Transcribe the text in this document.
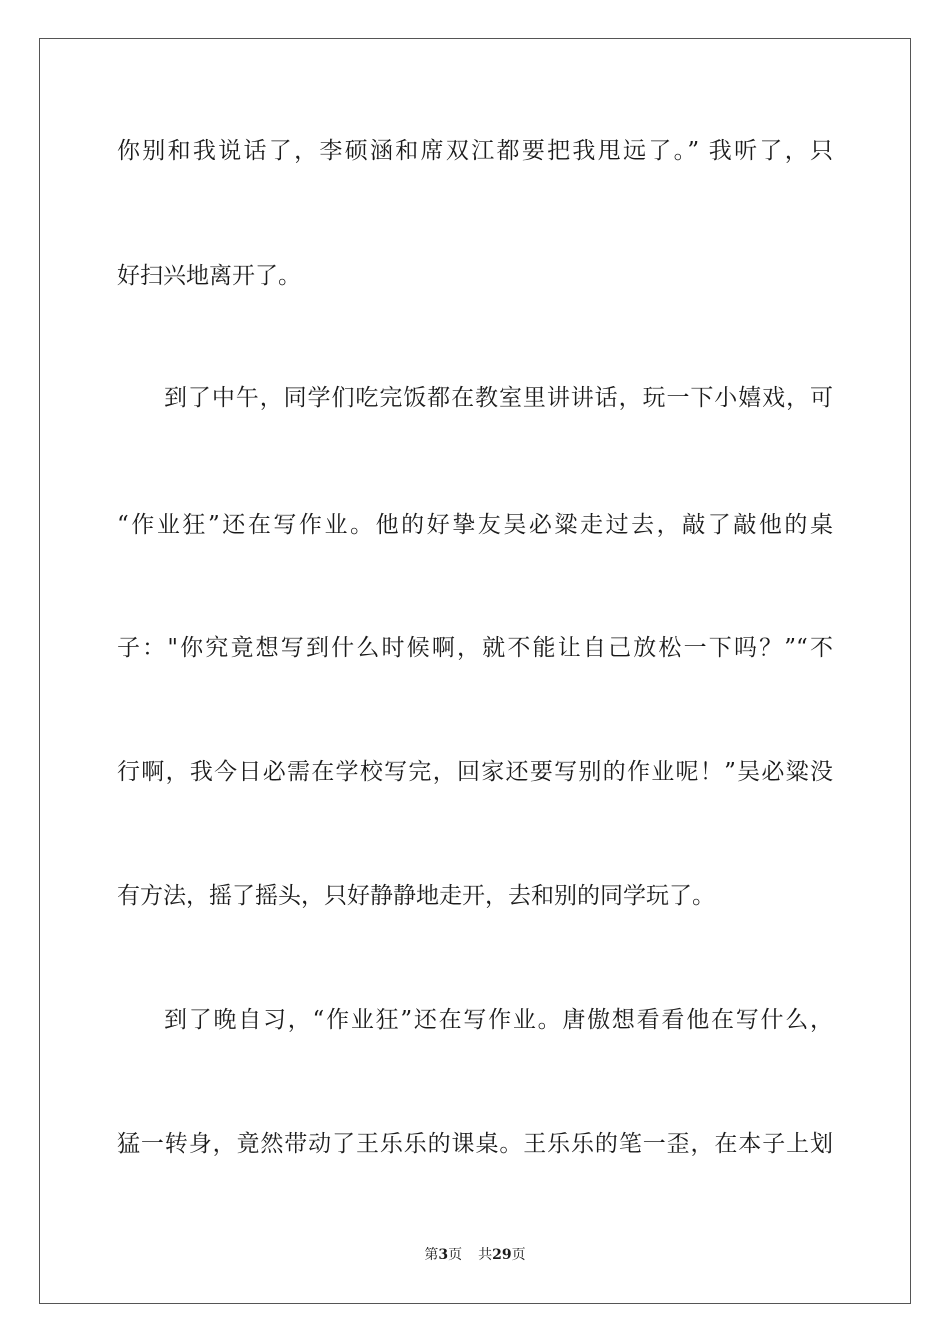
你别和我说话了，李硕涵和席双江都要把我甩远了。” 我听了，只
好扫兴地离开了。
到了中午，同学们吃完饭都在教室里讲讲话，玩一下小嬉戏，可
“作业狂”还在写作业。他的好挚友吴必粱走过去，敲了敲他的桌
子："你究竟想写到什么时候啊，就不能让自己放松一下吗？”“不
行啊，我今日必需在学校写完，回家还要写别的作业呢！”吴必粱没
有方法，摇了摇头，只好静静地走开，去和别的同学玩了。
到了晚自习，“作业狂”还在写作业。唐傲想看看他在写什么，
猛一转身，竟然带动了王乐乐的课桌。王乐乐的笔一歪，在本子上划
第3页 共29页
